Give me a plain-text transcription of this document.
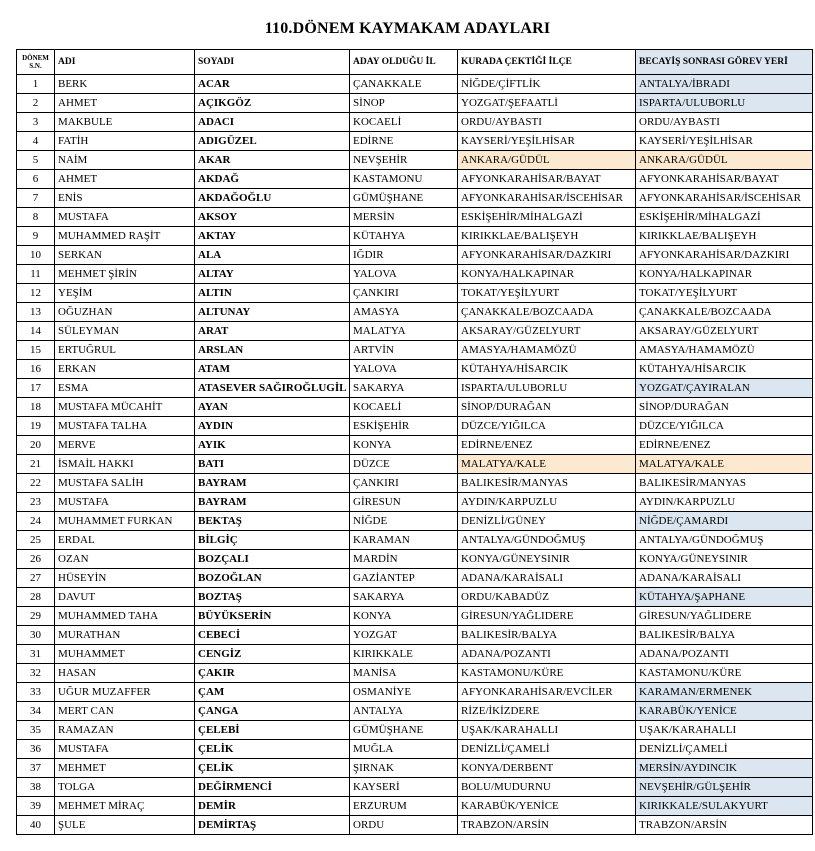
110.DÖNEM KAYMAKAM ADAYLARI
DÖNEM
S.N.	ADI	SOYADI	ADAY OLDUĞU İL	KURADA ÇEKTİĞİ İLÇE	BECAYİŞ SONRASI GÖREV YERİ
1	BERK	ACAR	ÇANAKKALE	NİĞDE/ÇİFTLİK	ANTALYA/İBRADI
2	AHMET	AÇIKGÖZ	SİNOP	YOZGAT/ŞEFAATLİ	ISPARTA/ULUBORLU
3	MAKBULE	ADACI	KOCAELİ	ORDU/AYBASTI	ORDU/AYBASTI
4	FATİH	ADIGÜZEL	EDİRNE	KAYSERİ/YEŞİLHİSAR	KAYSERİ/YEŞİLHİSAR
5	NAİM	AKAR	NEVŞEHİR	ANKARA/GÜDÜL	ANKARA/GÜDÜL
6	AHMET	AKDAĞ	KASTAMONU	AFYONKARAHİSAR/BAYAT	AFYONKARAHİSAR/BAYAT
7	ENİS	AKDAĞOĞLU	GÜMÜŞHANE	AFYONKARAHİSAR/İSCEHİSAR	AFYONKARAHİSAR/İSCEHİSAR
8	MUSTAFA	AKSOY	MERSİN	ESKİŞEHİR/MİHALGAZİ	ESKİŞEHİR/MİHALGAZİ
9	MUHAMMED RAŞİT	AKTAY	KÜTAHYA	KIRIKKLAE/BALIŞEYH	KIRIKKLAE/BALIŞEYH
10	SERKAN	ALA	IĞDIR	AFYONKARAHİSAR/DAZKIRI	AFYONKARAHİSAR/DAZKIRI
11	MEHMET ŞİRİN	ALTAY	YALOVA	KONYA/HALKAPINAR	KONYA/HALKAPINAR
12	YEŞİM	ALTIN	ÇANKIRI	TOKAT/YEŞİLYURT	TOKAT/YEŞİLYURT
13	OĞUZHAN	ALTUNAY	AMASYA	ÇANAKKALE/BOZCAADA	ÇANAKKALE/BOZCAADA
14	SÜLEYMAN	ARAT	MALATYA	AKSARAY/GÜZELYURT	AKSARAY/GÜZELYURT
15	ERTUĞRUL	ARSLAN	ARTVİN	AMASYA/HAMAMÖZÜ	AMASYA/HAMAMÖZÜ
16	ERKAN	ATAM	YALOVA	KÜTAHYA/HİSARCIK	KÜTAHYA/HİSARCIK
17	ESMA	ATASEVER SAĞIROĞLUGİL	SAKARYA	ISPARTA/ULUBORLU	YOZGAT/ÇAYIRALAN
18	MUSTAFA MÜCAHİT	AYAN	KOCAELİ	SİNOP/DURAĞAN	SİNOP/DURAĞAN
19	MUSTAFA TALHA	AYDIN	ESKİŞEHİR	DÜZCE/YIĞILCA	DÜZCE/YIĞILCA
20	MERVE	AYIK	KONYA	EDİRNE/ENEZ	EDİRNE/ENEZ
21	İSMAİL HAKKI	BATI	DÜZCE	MALATYA/KALE	MALATYA/KALE
22	MUSTAFA SALİH	BAYRAM	ÇANKIRI	BALIKESİR/MANYAS	BALIKESİR/MANYAS
23	MUSTAFA	BAYRAM	GİRESUN	AYDIN/KARPUZLU	AYDIN/KARPUZLU
24	MUHAMMET FURKAN	BEKTAŞ	NİĞDE	DENİZLİ/GÜNEY	NİĞDE/ÇAMARDI
25	ERDAL	BİLGİÇ	KARAMAN	ANTALYA/GÜNDOĞMUŞ	ANTALYA/GÜNDOĞMUŞ
26	OZAN	BOZÇALI	MARDİN	KONYA/GÜNEYSINIR	KONYA/GÜNEYSINIR
27	HÜSEYİN	BOZOĞLAN	GAZİANTEP	ADANA/KARAİSALI	ADANA/KARAİSALI
28	DAVUT	BOZTAŞ	SAKARYA	ORDU/KABADÜZ	KÜTAHYA/ŞAPHANE
29	MUHAMMED TAHA	BÜYÜKSERİN	KONYA	GİRESUN/YAĞLIDERE	GİRESUN/YAĞLIDERE
30	MURATHAN	CEBECİ	YOZGAT	BALIKESİR/BALYA	BALIKESİR/BALYA
31	MUHAMMET	CENGİZ	KIRIKKALE	ADANA/POZANTI	ADANA/POZANTI
32	HASAN	ÇAKIR	MANİSA	KASTAMONU/KÜRE	KASTAMONU/KÜRE
33	UĞUR MUZAFFER	ÇAM	OSMANİYE	AFYONKARAHİSAR/EVCİLER	KARAMAN/ERMENEK
34	MERT CAN	ÇANGA	ANTALYA	RİZE/İKİZDERE	KARABÜK/YENİCE
35	RAMAZAN	ÇELEBİ	GÜMÜŞHANE	UŞAK/KARAHALLI	UŞAK/KARAHALLI
36	MUSTAFA	ÇELİK	MUĞLA	DENİZLİ/ÇAMELİ	DENİZLİ/ÇAMELİ
37	MEHMET	ÇELİK	ŞIRNAK	KONYA/DERBENT	MERSİN/AYDINCIK
38	TOLGA	DEĞİRMENCİ	KAYSERİ	BOLU/MUDURNU	NEVŞEHİR/GÜLŞEHİR
39	MEHMET MİRAÇ	DEMİR	ERZURUM	KARABÜK/YENİCE	KIRIKKALE/SULAKYURT
40	ŞULE	DEMİRTAŞ	ORDU	TRABZON/ARSİN	TRABZON/ARSİN
